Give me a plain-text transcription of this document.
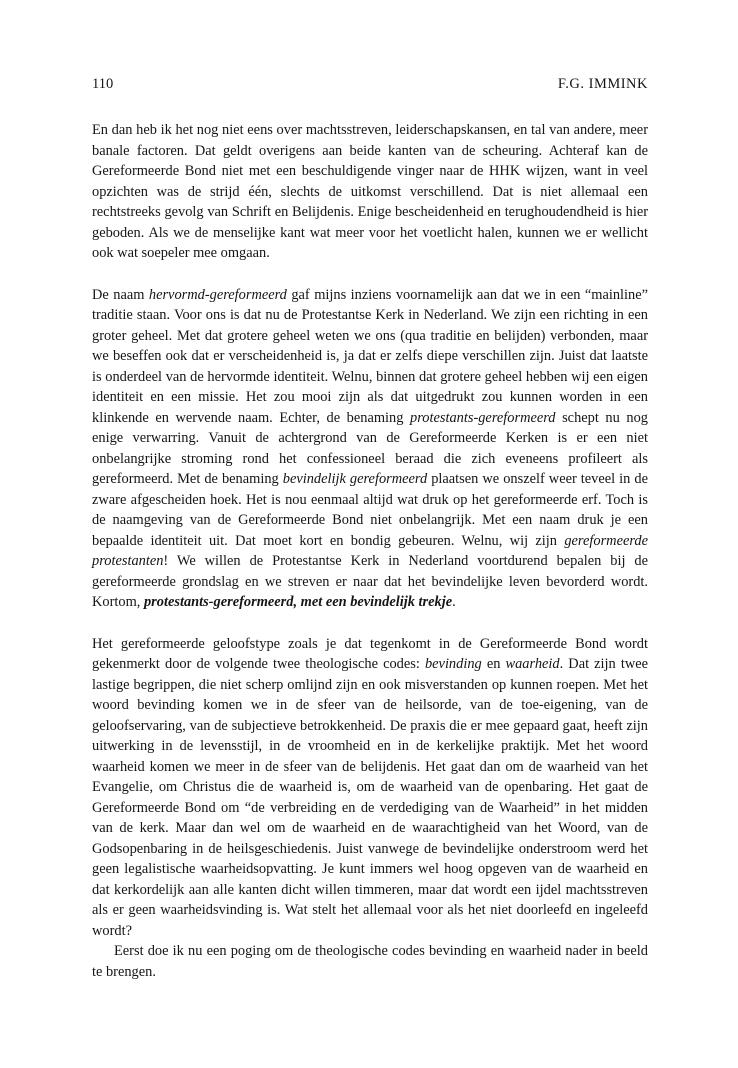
110	F.G. IMMINK

En dan heb ik het nog niet eens over machtsstreven, leiderschapskansen, en tal van andere, meer banale factoren. Dat geldt overigens aan beide kanten van de scheuring. Achteraf kan de Gereformeerde Bond niet met een beschuldigende vinger naar de HHK wijzen, want in veel opzichten was de strijd één, slechts de uitkomst verschillend. Dat is niet allemaal een rechtstreeks gevolg van Schrift en Belijdenis. Enige bescheidenheid en terughoudendheid is hier geboden. Als we de menselijke kant wat meer voor het voetlicht halen, kunnen we er wellicht ook wat soepeler mee omgaan.

De naam hervormd-gereformeerd gaf mijns inziens voornamelijk aan dat we in een “mainline” traditie staan. Voor ons is dat nu de Protestantse Kerk in Nederland. We zijn een richting in een groter geheel. Met dat grotere geheel weten we ons (qua traditie en belijden) verbonden, maar we beseffen ook dat er verscheidenheid is, ja dat er zelfs diepe verschillen zijn. Juist dat laatste is onderdeel van de hervormde identiteit. Welnu, binnen dat grotere geheel hebben wij een eigen identiteit en een missie. Het zou mooi zijn als dat uitgedrukt zou kunnen worden in een klinkende en wervende naam. Echter, de benaming protestants-gereformeerd schept nu nog enige verwarring. Vanuit de achtergrond van de Gereformeerde Kerken is er een niet onbelangrijke stroming rond het confessioneel beraad die zich eveneens profileert als gereformeerd. Met de benaming bevindelijk gereformeerd plaatsen we onszelf weer teveel in de zware afgescheiden hoek. Het is nou eenmaal altijd wat druk op het gereformeerde erf. Toch is de naamgeving van de Gereformeerde Bond niet onbelangrijk. Met een naam druk je een bepaalde identiteit uit. Dat moet kort en bondig gebeuren. Welnu, wij zijn gereformeerde protestanten! We willen de Protestantse Kerk in Nederland voortdurend bepalen bij de gereformeerde grondslag en we streven er naar dat het bevindelijke leven bevorderd wordt. Kortom, protestants-gereformeerd, met een bevindelijk trekje.

Het gereformeerde geloofstype zoals je dat tegenkomt in de Gereformeerde Bond wordt gekenmerkt door de volgende twee theologische codes: bevinding en waarheid. Dat zijn twee lastige begrippen, die niet scherp omlijnd zijn en ook misverstanden op kunnen roepen. Met het woord bevinding komen we in de sfeer van de heilsorde, van de toe-eigening, van de geloofservaring, van de subjectieve betrokkenheid. De praxis die er mee gepaard gaat, heeft zijn uitwerking in de levensstijl, in de vroomheid en in de kerkelijke praktijk. Met het woord waarheid komen we meer in de sfeer van de belijdenis. Het gaat dan om de waarheid van het Evangelie, om Christus die de waarheid is, om de waarheid van de openbaring. Het gaat de Gereformeerde Bond om “de verbreiding en de verdediging van de Waarheid” in het midden van de kerk. Maar dan wel om de waarheid en de waarachtigheid van het Woord, van de Godsopenbaring in de heilsgeschiedenis. Juist vanwege de bevindelijke onderstroom werd het geen legalistische waarheidsopvatting. Je kunt immers wel hoog opgeven van de waarheid en dat kerkordelijk aan alle kanten dicht willen timmeren, maar dat wordt een ijdel machtsstreven als er geen waarheidsvinding is. Wat stelt het allemaal voor als het niet doorleefd en ingeleefd wordt?

Eerst doe ik nu een poging om de theologische codes bevinding en waarheid nader in beeld te brengen.
